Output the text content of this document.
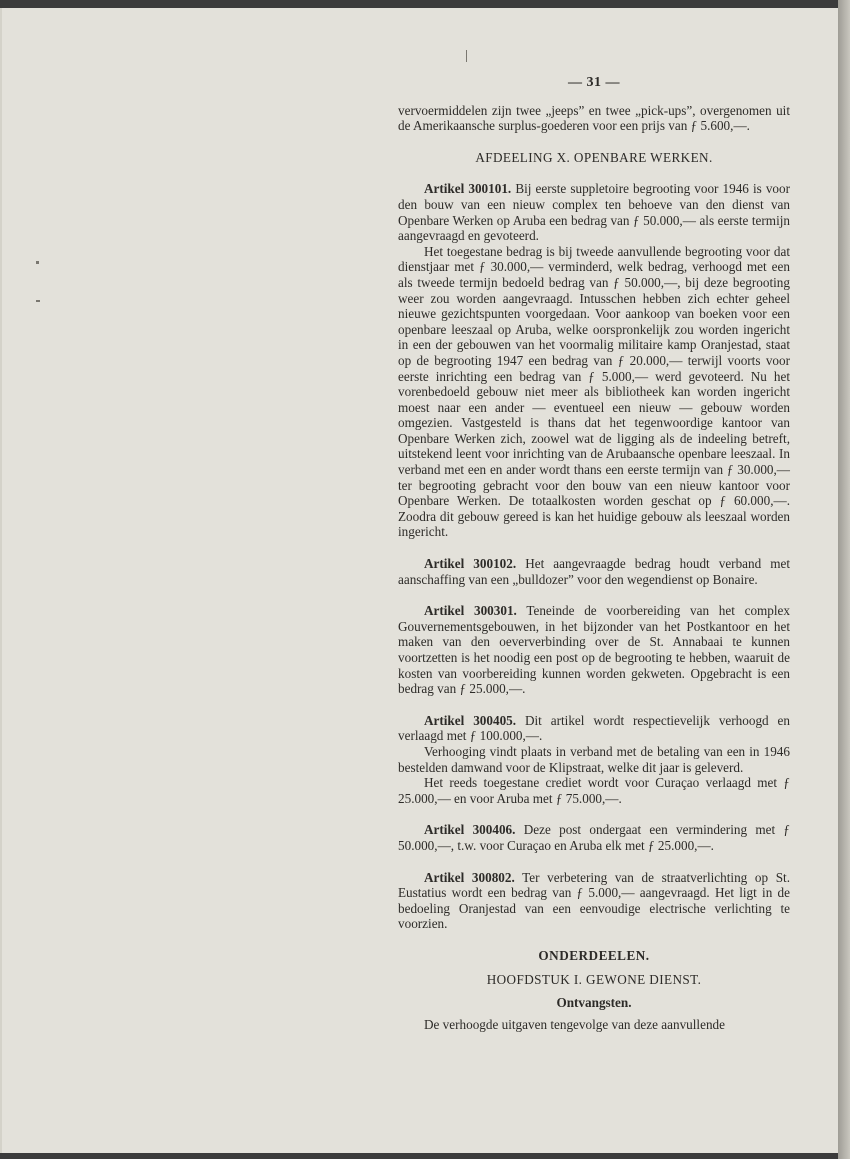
— 31 —

vervoermiddelen zijn twee „jeeps” en twee „pick-ups”, overgenomen uit de Amerikaansche surplus-goederen voor een prijs van ƒ 5.600,—.

AFDEELING X. OPENBARE WERKEN.

Artikel 300101. Bij eerste suppletoire begrooting voor 1946 is voor den bouw van een nieuw complex ten behoeve van den dienst van Openbare Werken op Aruba een bedrag van ƒ 50.000,— als eerste termijn aangevraagd en gevoteerd.

Het toegestane bedrag is bij tweede aanvullende begrooting voor dat dienstjaar met ƒ 30.000,— verminderd, welk bedrag, verhoogd met een als tweede termijn bedoeld bedrag van ƒ 50.000,—, bij deze begrooting weer zou worden aangevraagd. Intusschen hebben zich echter geheel nieuwe gezichtspunten voorgedaan. Voor aankoop van boeken voor een openbare leeszaal op Aruba, welke oorspronkelijk zou worden ingericht in een der gebouwen van het voormalig militaire kamp Oranjestad, staat op de begrooting 1947 een bedrag van ƒ 20.000,— terwijl voorts voor eerste inrichting een bedrag van ƒ 5.000,— werd gevoteerd. Nu het vorenbedoeld gebouw niet meer als bibliotheek kan worden ingericht moest naar een ander — eventueel een nieuw — gebouw worden omgezien. Vastgesteld is thans dat het tegenwoordige kantoor van Openbare Werken zich, zoowel wat de ligging als de indeeling betreft, uitstekend leent voor inrichting van de Arubaansche openbare leeszaal. In verband met een en ander wordt thans een eerste termijn van ƒ 30.000,— ter begrooting gebracht voor den bouw van een nieuw kantoor voor Openbare Werken. De totaalkosten worden geschat op ƒ 60.000,—. Zoodra dit gebouw gereed is kan het huidige gebouw als leeszaal worden ingericht.

Artikel 300102. Het aangevraagde bedrag houdt verband met aanschaffing van een „bulldozer” voor den wegendienst op Bonaire.

Artikel 300301. Teneinde de voorbereiding van het complex Gouvernementsgebouwen, in het bijzonder van het Postkantoor en het maken van den oeververbinding over de St. Annabaai te kunnen voortzetten is het noodig een post op de begrooting te hebben, waaruit de kosten van voorbereiding kunnen worden gekweten. Opgebracht is een bedrag van ƒ 25.000,—.

Artikel 300405. Dit artikel wordt respectievelijk verhoogd en verlaagd met ƒ 100.000,—.

Verhooging vindt plaats in verband met de betaling van een in 1946 bestelden damwand voor de Klipstraat, welke dit jaar is geleverd.

Het reeds toegestane crediet wordt voor Curaçao verlaagd met ƒ 25.000,— en voor Aruba met ƒ 75.000,—.

Artikel 300406. Deze post ondergaat een vermindering met ƒ 50.000,—, t.w. voor Curaçao en Aruba elk met ƒ 25.000,—.

Artikel 300802. Ter verbetering van de straatverlichting op St. Eustatius wordt een bedrag van ƒ 5.000,— aangevraagd. Het ligt in de bedoeling Oranjestad van een eenvoudige electrische verlichting te voorzien.

ONDERDEELEN.

HOOFDSTUK I. GEWONE DIENST.

Ontvangsten.

De verhoogde uitgaven tengevolge van deze aanvullende
